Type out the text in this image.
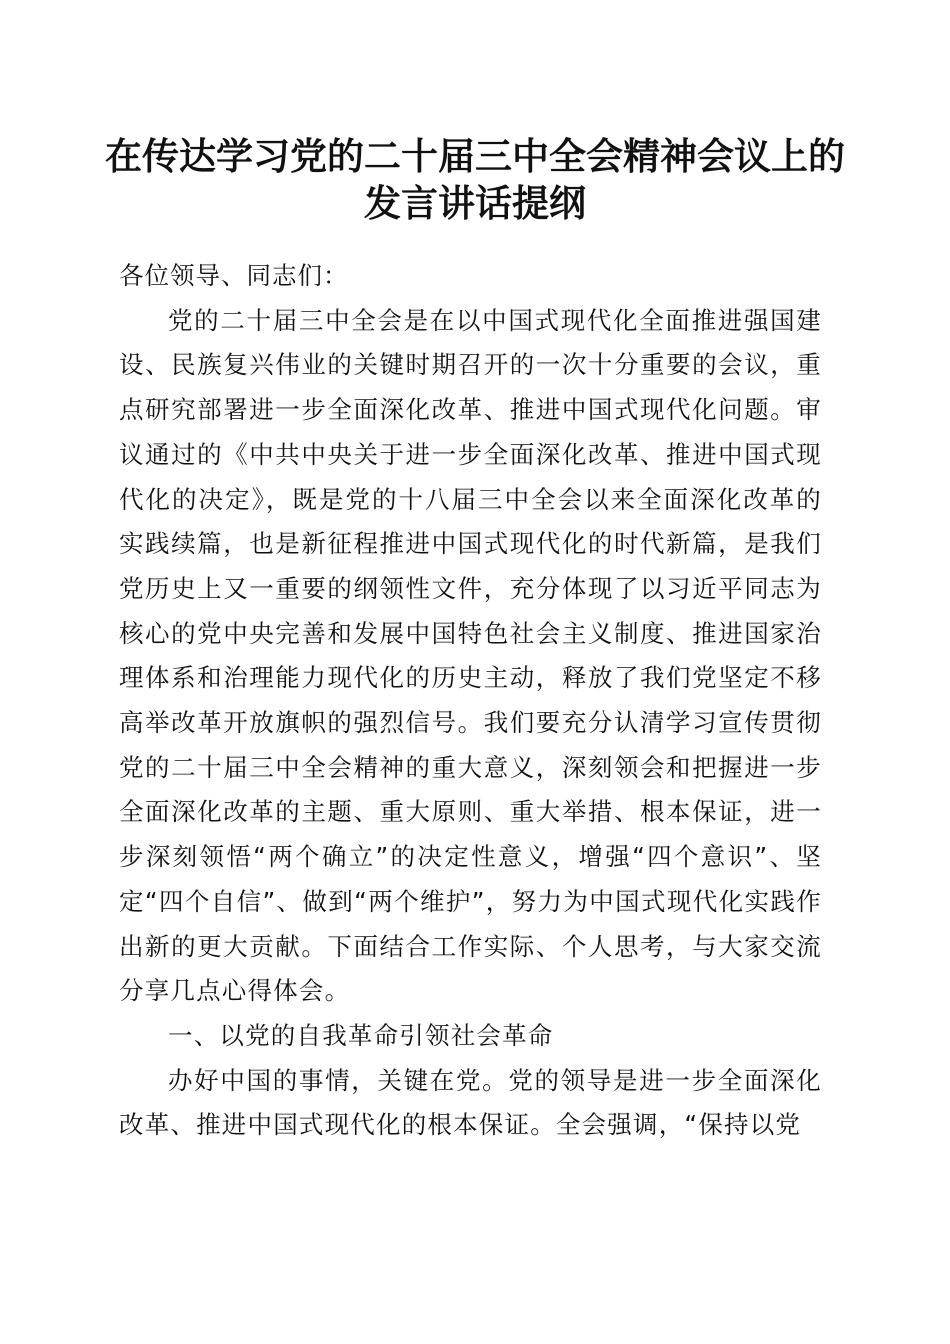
在传达学习党的二十届三中全会精神会议上的
发言讲话提纲

各位领导、同志们：

党的二十届三中全会是在以中国式现代化全面推进强国建设、民族复兴伟业的关键时期召开的一次十分重要的会议，重点研究部署进一步全面深化改革、推进中国式现代化问题。审议通过的《中共中央关于进一步全面深化改革、推进中国式现代化的决定》，既是党的十八届三中全会以来全面深化改革的实践续篇，也是新征程推进中国式现代化的时代新篇，是我们党历史上又一重要的纲领性文件，充分体现了以习近平同志为核心的党中央完善和发展中国特色社会主义制度、推进国家治理体系和治理能力现代化的历史主动，释放了我们党坚定不移高举改革开放旗帜的强烈信号。我们要充分认清学习宣传贯彻党的二十届三中全会精神的重大意义，深刻领会和把握进一步全面深化改革的主题、重大原则、重大举措、根本保证，进一步深刻领悟“两个确立”的决定性意义，增强“四个意识”、坚定“四个自信”、做到“两个维护”，努力为中国式现代化实践作出新的更大贡献。下面结合工作实际、个人思考，与大家交流分享几点心得体会。

一、以党的自我革命引领社会革命

办好中国的事情，关键在党。党的领导是进一步全面深化改革、推进中国式现代化的根本保证。全会强调，“保持以党
